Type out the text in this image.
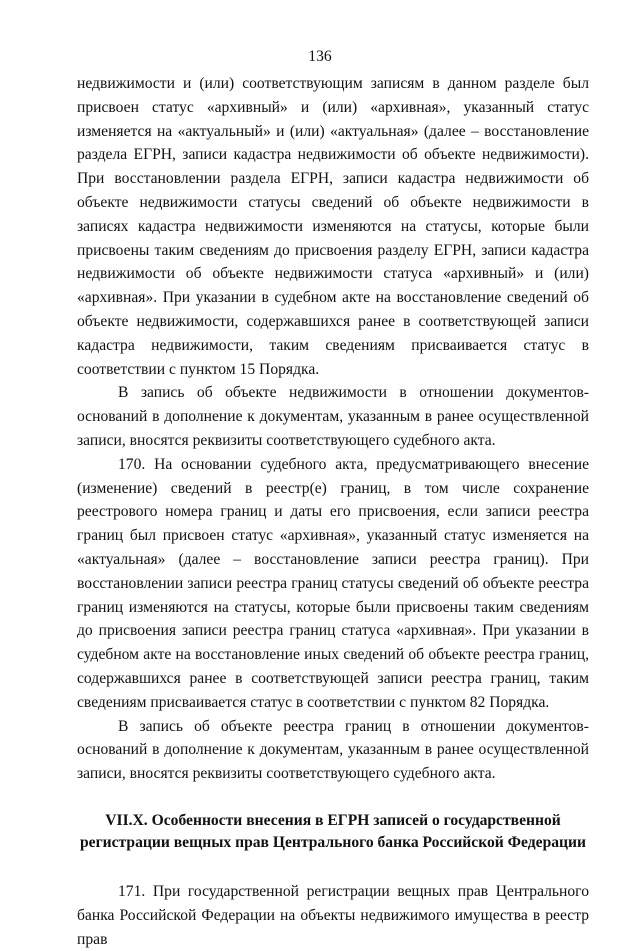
136

недвижимости и (или) соответствующим записям в данном разделе был присвоен статус «архивный» и (или) «архивная», указанный статус изменяется на «актуальный» и (или) «актуальная» (далее – восстановление раздела ЕГРН, записи кадастра недвижимости об объекте недвижимости). При восстановлении раздела ЕГРН, записи кадастра недвижимости об объекте недвижимости статусы сведений об объекте недвижимости в записях кадастра недвижимости изменяются на статусы, которые были присвоены таким сведениям до присвоения разделу ЕГРН, записи кадастра недвижимости об объекте недвижимости статуса «архивный» и (или) «архивная». При указании в судебном акте на восстановление сведений об объекте недвижимости, содержавшихся ранее в соответствующей записи кадастра недвижимости, таким сведениям присваивается статус в соответствии с пунктом 15 Порядка.

В запись об объекте недвижимости в отношении документов-оснований в дополнение к документам, указанным в ранее осуществленной записи, вносятся реквизиты соответствующего судебного акта.

170. На основании судебного акта, предусматривающего внесение (изменение) сведений в реестр(е) границ, в том числе сохранение реестрового номера границ и даты его присвоения, если записи реестра границ был присвоен статус «архивная», указанный статус изменяется на «актуальная» (далее – восстановление записи реестра границ). При восстановлении записи реестра границ статусы сведений об объекте реестра границ изменяются на статусы, которые были присвоены таким сведениям до присвоения записи реестра границ статуса «архивная». При указании в судебном акте на восстановление иных сведений об объекте реестра границ, содержавшихся ранее в соответствующей записи реестра границ, таким сведениям присваивается статус в соответствии с пунктом 82 Порядка.

В запись об объекте реестра границ в отношении документов-оснований в дополнение к документам, указанным в ранее осуществленной записи, вносятся реквизиты соответствующего судебного акта.

VII.X. Особенности внесения в ЕГРН записей о государственной
регистрации вещных прав Центрального банка Российской Федерации

171. При государственной регистрации вещных прав Центрального банка Российской Федерации на объекты недвижимого имущества в реестр прав
